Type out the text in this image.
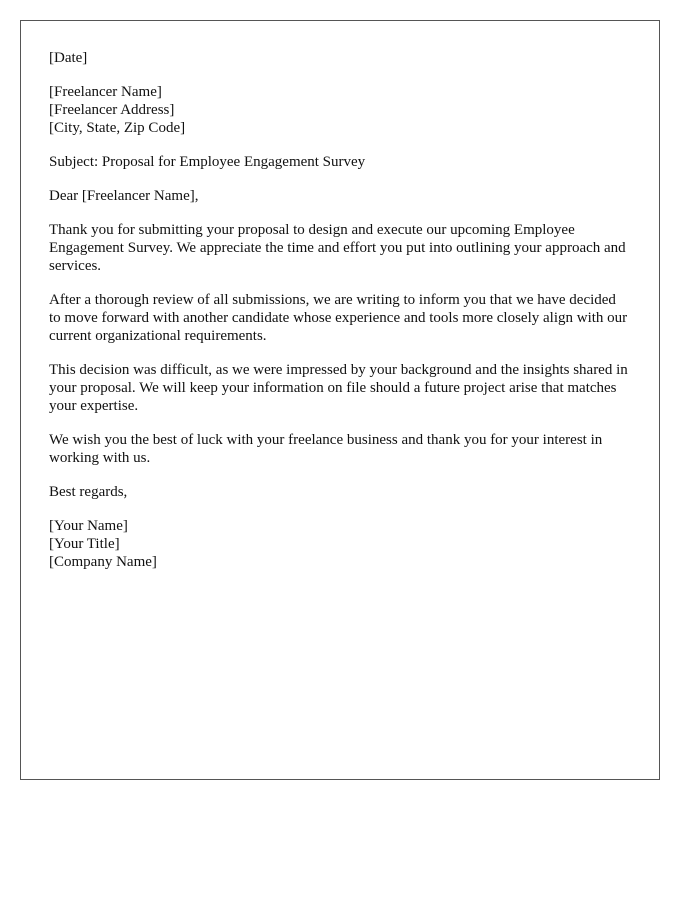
[Date]
[Freelancer Name]
[Freelancer Address]
[City, State, Zip Code]
Subject: Proposal for Employee Engagement Survey
Dear [Freelancer Name],

Thank you for submitting your proposal to design and execute our upcoming Employee Engagement Survey. We appreciate the time and effort you put into outlining your approach and services.

After a thorough review of all submissions, we are writing to inform you that we have decided to move forward with another candidate whose experience and tools more closely align with our current organizational requirements.

This decision was difficult, as we were impressed by your background and the insights shared in your proposal. We will keep your information on file should a future project arise that matches your expertise.

We wish you the best of luck with your freelance business and thank you for your interest in working with us.

Best regards,
[Your Name]
[Your Title]
[Company Name]
